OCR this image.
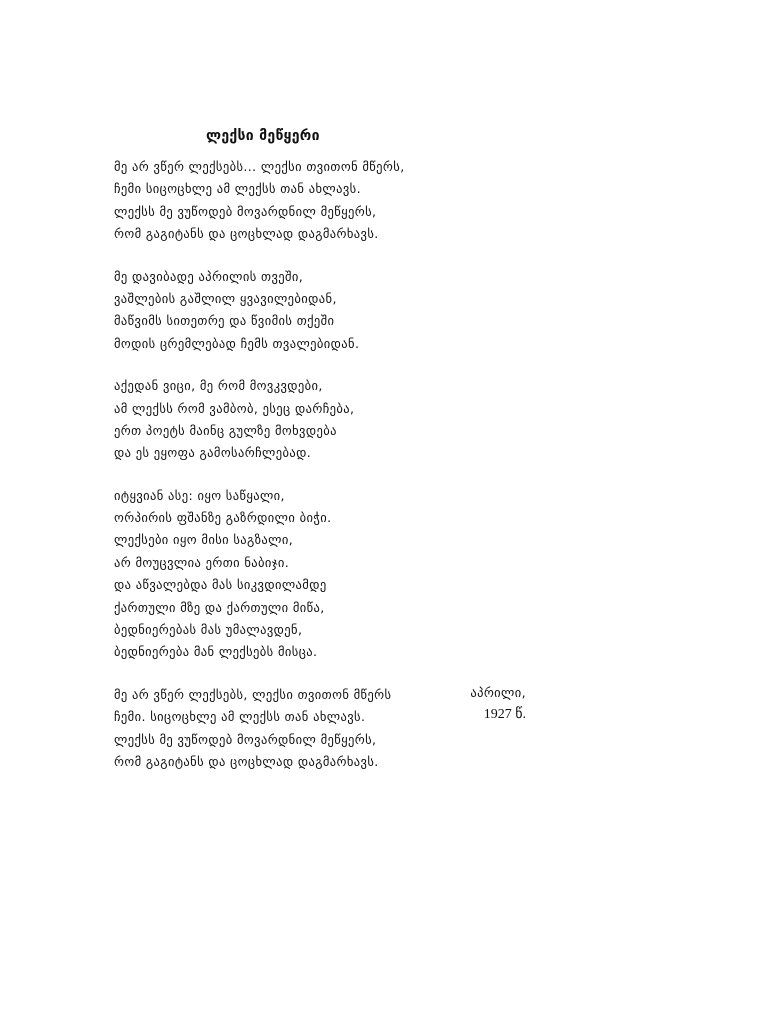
ლექსი მეწყერი
მე არ ვწერ ლექსებს... ლექსი თვითონ მწერს,
ჩემი სიცოცხლე ამ ლექსს თან ახლავს.
ლექსს მე ვუწოდებ მოვარდნილ მეწყერს,
რომ გაგიტანს და ცოცხლად დაგმარხავს.
მე დავიბადე აპრილის თვეში,
ვაშლების გაშლილ ყვავილებიდან,
მაწვიმს სითეთრე და წვიმის თქეში
მოდის ცრემლებად ჩემს თვალებიდან.
აქედან ვიცი, მე რომ მოვკვდები,
ამ ლექსს რომ ვამბობ, ესეც დარჩება,
ერთ პოეტს მაინც გულზე მოხვდება
და ეს ეყოფა გამოსარჩლებად.
იტყვიან ასე: იყო საწყალი,
ორპირის ფშანზე გაზრდილი ბიჭი.
ლექსები იყო მისი საგზალი,
არ მოუცვლია ერთი ნაბიჯი.
და აწვალებდა მას სიკვდილამდე
ქართული მზე და ქართული მიწა,
ბედნიერებას მას უმალავდენ,
ბედნიერება მან ლექსებს მისცა.
მე არ ვწერ ლექსებს, ლექსი თვითონ მწერს
ჩემი. სიცოცხლე ამ ლექსს თან ახლავს.
ლექსს მე ვუწოდებ მოვარდნილ მეწყერს,
რომ გაგიტანს და ცოცხლად დაგმარხავს.
აპრილი,
1927 წ.
